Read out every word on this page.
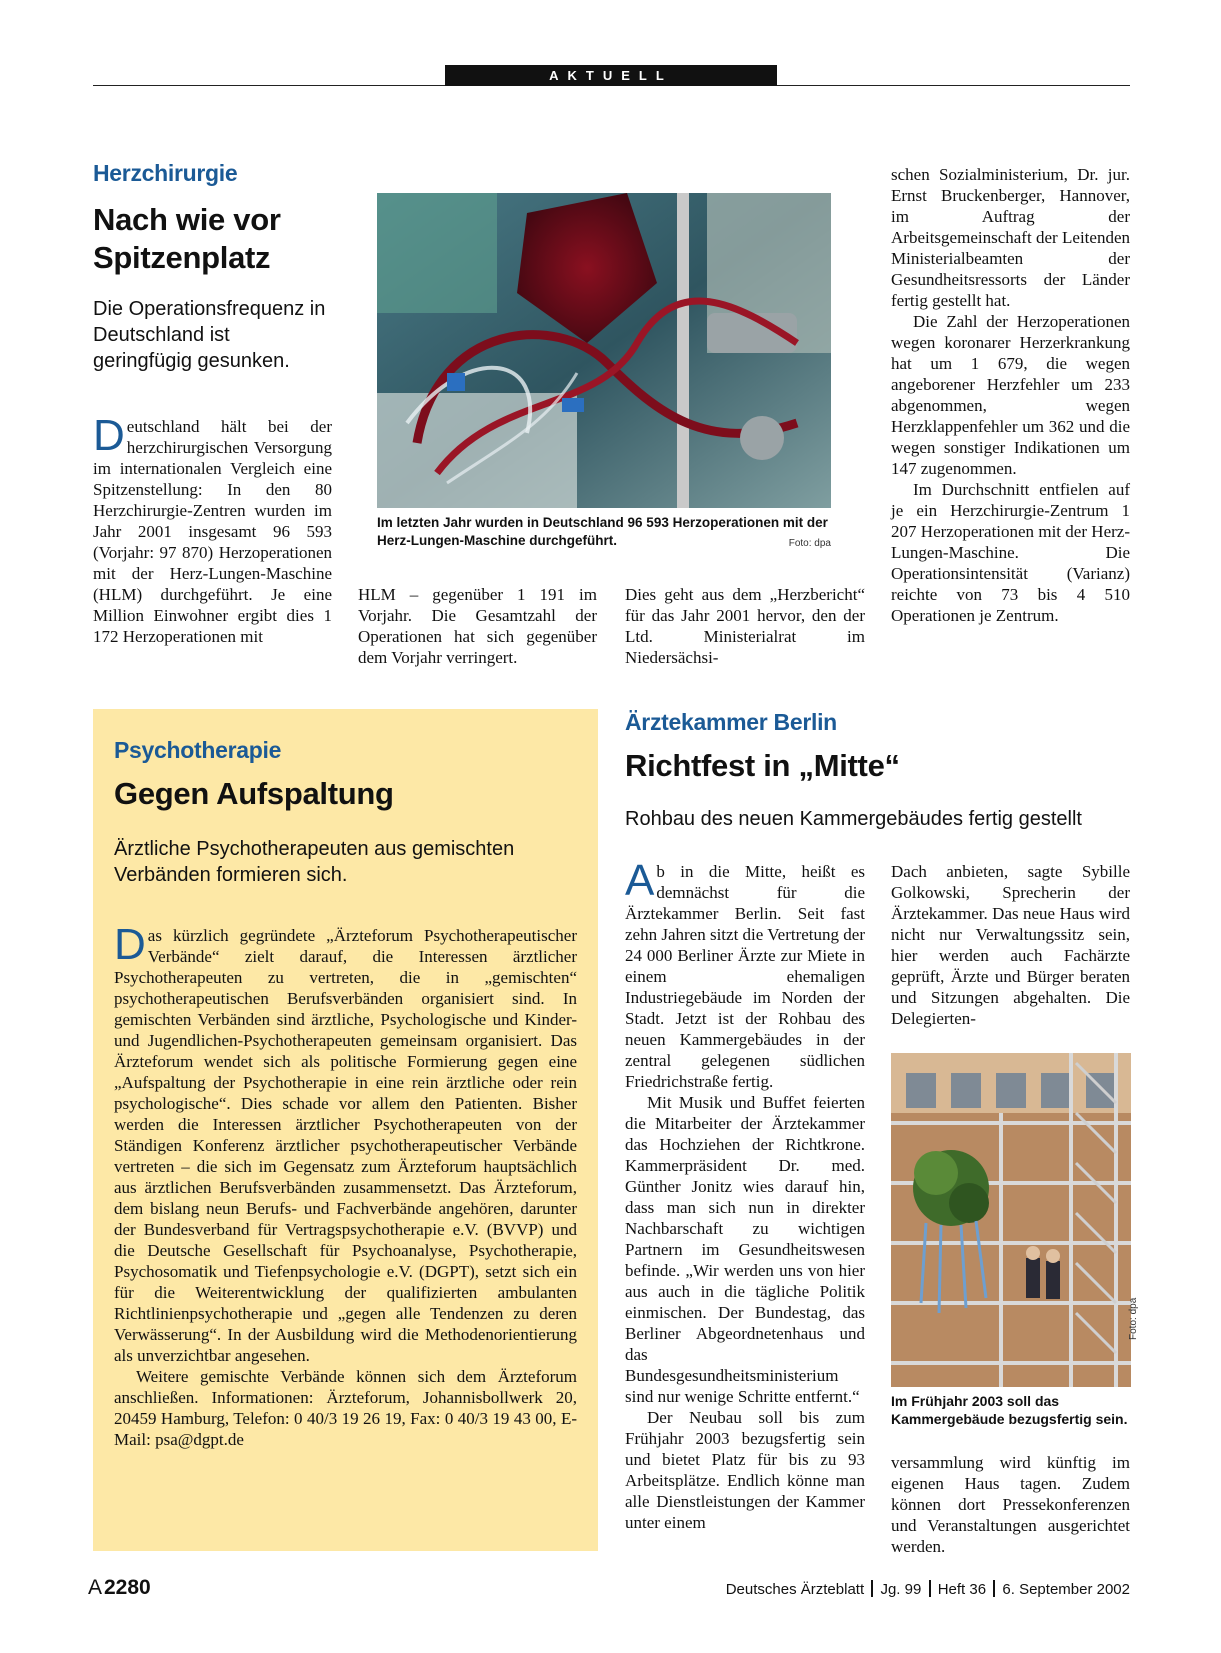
AKTUELL
Herzchirurgie
Nach wie vor Spitzenplatz
Die Operationsfrequenz in Deutschland ist geringfügig gesunken.

Deutschland hält bei der herzchirurgischen Versorgung im internationalen Vergleich eine Spitzenstellung: In den 80 Herzchirurgie-Zentren wurden im Jahr 2001 insgesamt 96 593 (Vorjahr: 97 870) Herzoperationen mit der Herz-Lungen-Maschine (HLM) durchgeführt. Je eine Million Einwohner ergibt dies 1 172 Herzoperationen mit

Im letzten Jahr wurden in Deutschland 96 593 Herzoperationen mit der Herz-Lungen-Maschine durchgeführt.	Foto: dpa
HLM – gegenüber 1 191 im Vorjahr. Die Gesamtzahl der Operationen hat sich gegenüber dem Vorjahr verringert.
Dies geht aus dem „Herzbericht“ für das Jahr 2001 hervor, den der Ltd. Ministerialrat im Niedersächsi-

schen Sozialministerium, Dr. jur. Ernst Bruckenberger, Hannover, im Auftrag der Arbeitsgemeinschaft der Leitenden Ministerialbeamten der Gesundheitsressorts der Länder fertig gestellt hat.

Die Zahl der Herzoperationen wegen koronarer Herzerkrankung hat um 1 679, die wegen angeborener Herzfehler um 233 abgenommen, wegen Herzklappenfehler um 362 und die wegen sonstiger Indikationen um 147 zugenommen.

Im Durchschnitt entfielen auf je ein Herzchirurgie-Zentrum 1 207 Herzoperationen mit der Herz-Lungen-Maschine. Die Operationsintensität (Varianz) reichte von 73 bis 4 510 Operationen je Zentrum.

Psychotherapie
Gegen Aufspaltung
Ärztliche Psychotherapeuten aus gemischten Verbänden formieren sich.

Das kürzlich gegründete „Ärzteforum Psychotherapeutischer Verbände“ zielt darauf, die Interessen ärztlicher Psychotherapeuten zu vertreten, die in „gemischten“ psychotherapeutischen Berufsverbänden organisiert sind. In gemischten Verbänden sind ärztliche, Psychologische und Kinder- und Jugendlichen-Psychotherapeuten gemeinsam organisiert. Das Ärzteforum wendet sich als politische Formierung gegen eine „Aufspaltung der Psychotherapie in eine rein ärztliche oder rein psychologische“. Dies schade vor allem den Patienten. Bisher werden die Interessen ärztlicher Psychotherapeuten von der Ständigen Konferenz ärztlicher psychotherapeutischer Verbände vertreten – die sich im Gegensatz zum Ärzteforum hauptsächlich aus ärztlichen Berufsverbänden zusammensetzt. Das Ärzteforum, dem bislang neun Berufs- und Fachverbände angehören, darunter der Bundesverband für Vertragspsychotherapie e.V. (BVVP) und die Deutsche Gesellschaft für Psychoanalyse, Psychotherapie, Psychosomatik und Tiefenpsychologie e.V. (DGPT), setzt sich ein für die Weiterentwicklung der qualifizierten ambulanten Richtlinienpsychotherapie und „gegen alle Tendenzen zu deren Verwässerung“. In der Ausbildung wird die Methodenorientierung als unverzichtbar angesehen.

Weitere gemischte Verbände können sich dem Ärzteforum anschließen. Informationen: Ärzteforum, Johannisbollwerk 20, 20459 Hamburg, Telefon: 0 40/3 19 26 19, Fax: 0 40/3 19 43 00, E-Mail: psa@dgpt.de

Ärztekammer Berlin
Richtfest in „Mitte“
Rohbau des neuen Kammergebäudes fertig gestellt

Ab in die Mitte, heißt es demnächst für die Ärztekammer Berlin. Seit fast zehn Jahren sitzt die Vertretung der 24 000 Berliner Ärzte zur Miete in einem ehemaligen Industriegebäude im Norden der Stadt. Jetzt ist der Rohbau des neuen Kammergebäudes in der zentral gelegenen südlichen Friedrichstraße fertig.

Mit Musik und Buffet feierten die Mitarbeiter der Ärztekammer das Hochziehen der Richtkrone. Kammerpräsident Dr. med. Günther Jonitz wies darauf hin, dass man sich nun in direkter Nachbarschaft zu wichtigen Partnern im Gesundheitswesen befinde. „Wir werden uns von hier aus auch in die tägliche Politik einmischen. Der Bundestag, das Berliner Abgeordnetenhaus und das Bundesgesundheitsministerium sind nur wenige Schritte entfernt.“

Der Neubau soll bis zum Frühjahr 2003 bezugsfertig sein und bietet Platz für bis zu 93 Arbeitsplätze. Endlich könne man alle Dienstleistungen der Kammer unter einem

Dach anbieten, sagte Sybille Golkowski, Sprecherin der Ärztekammer. Das neue Haus wird nicht nur Verwaltungssitz sein, hier werden auch Fachärzte geprüft, Ärzte und Bürger beraten und Sitzungen abgehalten. Die Delegierten-
Foto: dpa
Im Frühjahr 2003 soll das Kammergebäude bezugsfertig sein.
versammlung wird künftig im eigenen Haus tagen. Zudem können dort Pressekonferenzen und Veranstaltungen ausgerichtet werden.
A 2280	Deutsches Ärzteblatt Jg. 99 Heft 36 6. September 2002
